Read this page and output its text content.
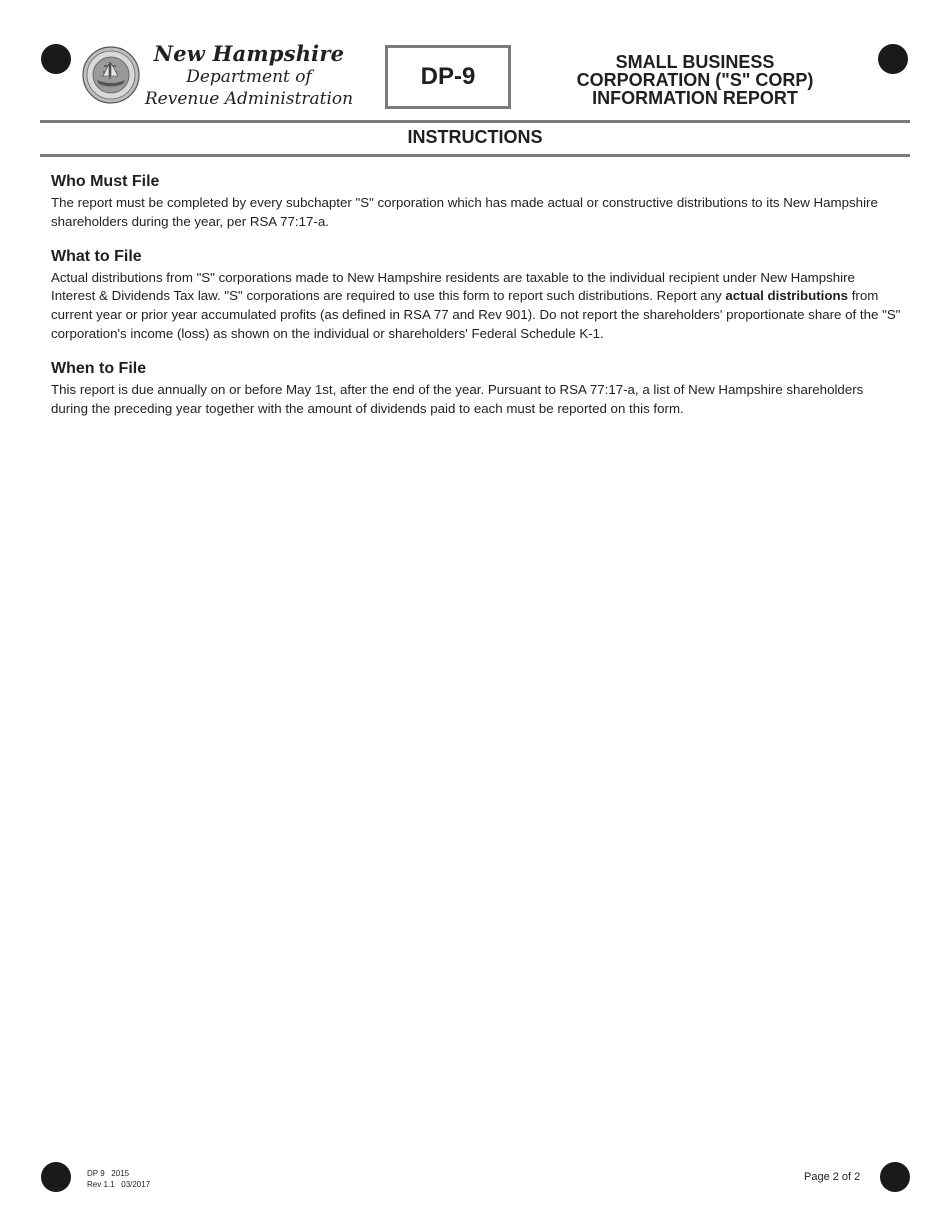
New Hampshire
Department of
Revenue Administration
DP-9
SMALL BUSINESS
CORPORATION ("S" CORP)
INFORMATION REPORT
INSTRUCTIONS
Who Must File

The report must be completed by every subchapter "S" corporation which has made actual or constructive distributions to its New Hampshire shareholders during the year, per RSA 77:17-a.

What to File

Actual distributions from "S" corporations made to New Hampshire residents are taxable to the individual recipient under New Hampshire Interest & Dividends Tax law. "S" corporations are required to use this form to report such distributions. Report any actual distributions from current year or prior year accumulated profits (as defined in RSA 77 and Rev 901). Do not report the shareholders' proportionate share of the "S" corporation's income (loss) as shown on the individual or shareholders' Federal Schedule K-1.

When to File

This report is due annually on or before May 1st, after the end of the year. Pursuant to RSA 77:17-a, a list of New Hampshire shareholders during the preceding year together with the amount of dividends paid to each must be reported on this form.

DP 9   2015
Rev 1.1   03/2017
Page 2 of 2
